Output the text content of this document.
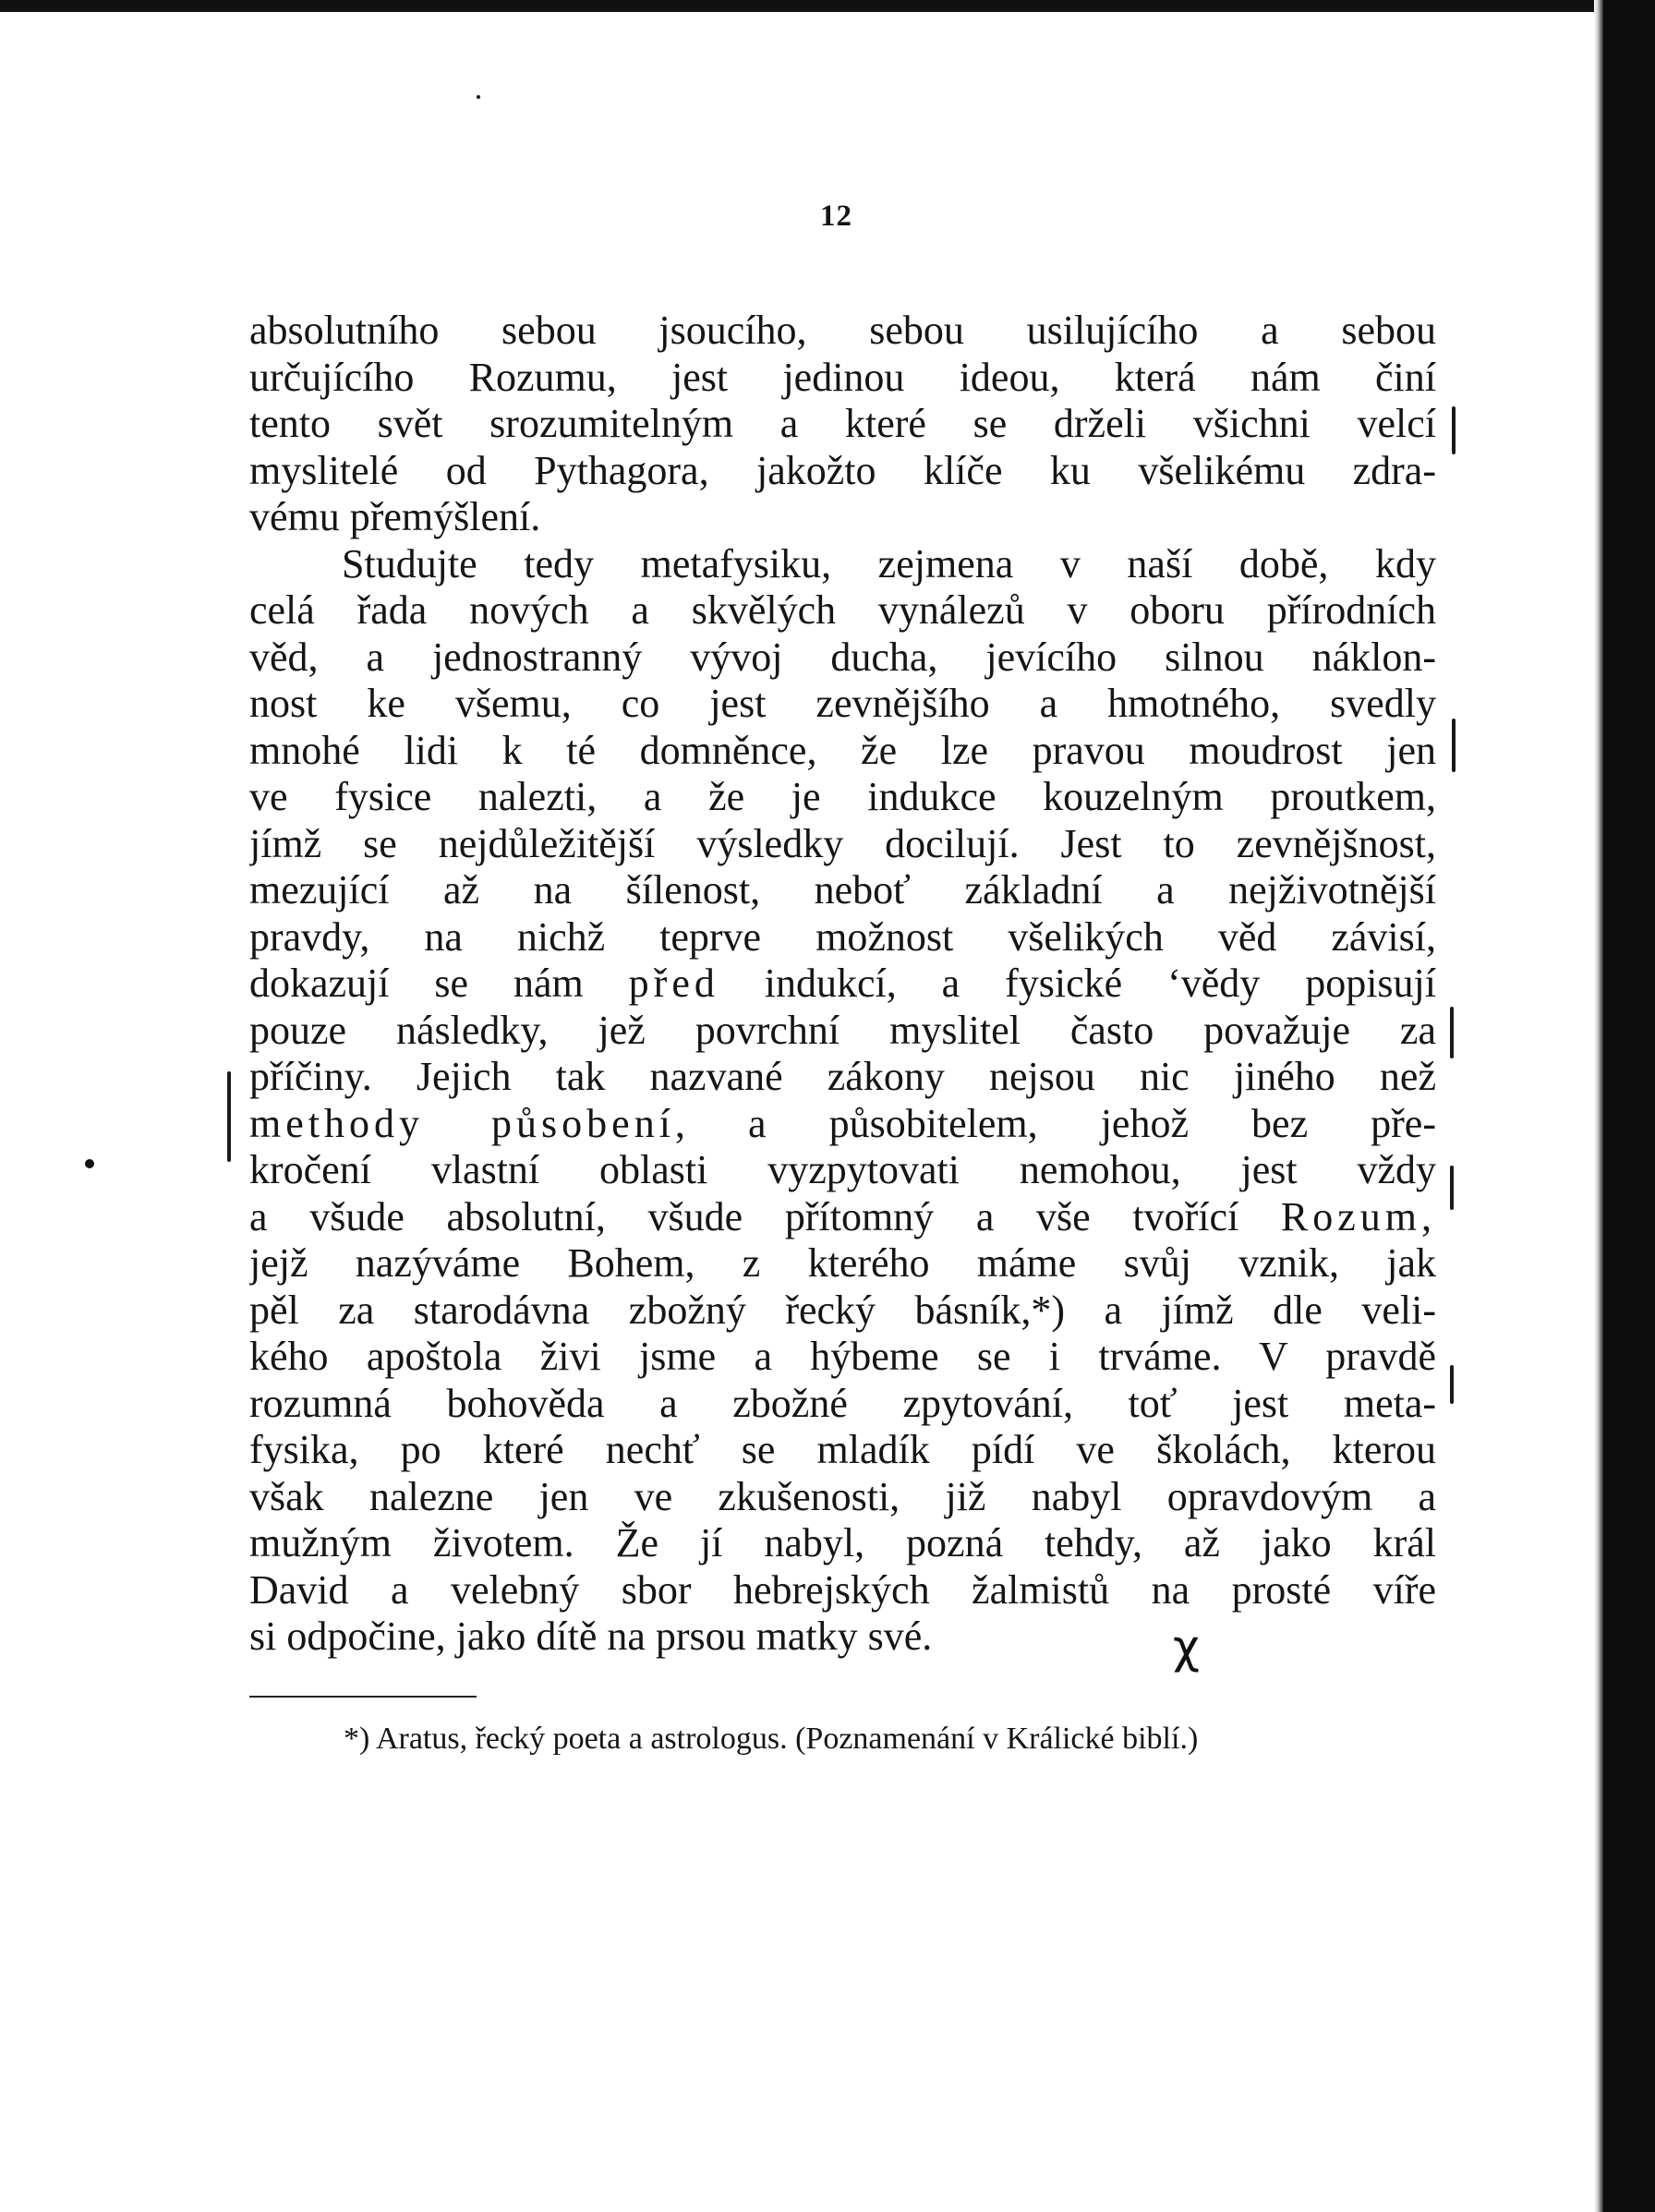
12
absolutního sebou jsoucího, sebou usilujícího a sebou
určujícího Rozumu, jest jedinou ideou, která nám činí
tento svět srozumitelným a které se drželi všichni velcí
myslitelé od Pythagora, jakožto klíče ku všelikému zdra-
vému přemýšlení.
Studujte tedy metafysiku, zejmena v naší době, kdy
celá řada nových a skvělých vynálezů v oboru přírodních
věd, a jednostranný vývoj ducha, jevícího silnou náklon-
nost ke všemu, co jest zevnějšího a hmotného, svedly
mnohé lidi k té domněnce, že lze pravou moudrost jen
ve fysice nalezti, a že je indukce kouzelným proutkem,
jímž se nejdůležitější výsledky docilují. Jest to zevnějšnost,
mezující až na šílenost, neboť základní a nejživotnější
pravdy, na nichž teprve možnost všelikých věd závisí,
dokazují se nám před indukcí, a fysické ‘vědy popisují
pouze následky, jež povrchní myslitel často považuje za
příčiny. Jejich tak nazvané zákony nejsou nic jiného než
methody působení, a působitelem, jehož bez pře-
kročení vlastní oblasti vyzpytovati nemohou, jest vždy
a všude absolutní, všude přítomný a vše tvořící Rozum,
jejž nazýváme Bohem, z kterého máme svůj vznik, jak
pěl za starodávna zbožný řecký básník,*) a jímž dle veli-
kého apoštola živi jsme a hýbeme se i trváme. V pravdě
rozumná bohověda a zbožné zpytování, toť jest meta-
fysika, po které nechť se mladík pídí ve školách, kterou
však nalezne jen ve zkušenosti, již nabyl opravdovým a
mužným životem. Že jí nabyl, pozná tehdy, až jako král
David a velebný sbor hebrejských žalmistů na prosté víře
si odpočine, jako dítě na prsou matky své.	χ
*) Aratus, řecký poeta a astrologus. (Poznamenání v Králické biblí.)
